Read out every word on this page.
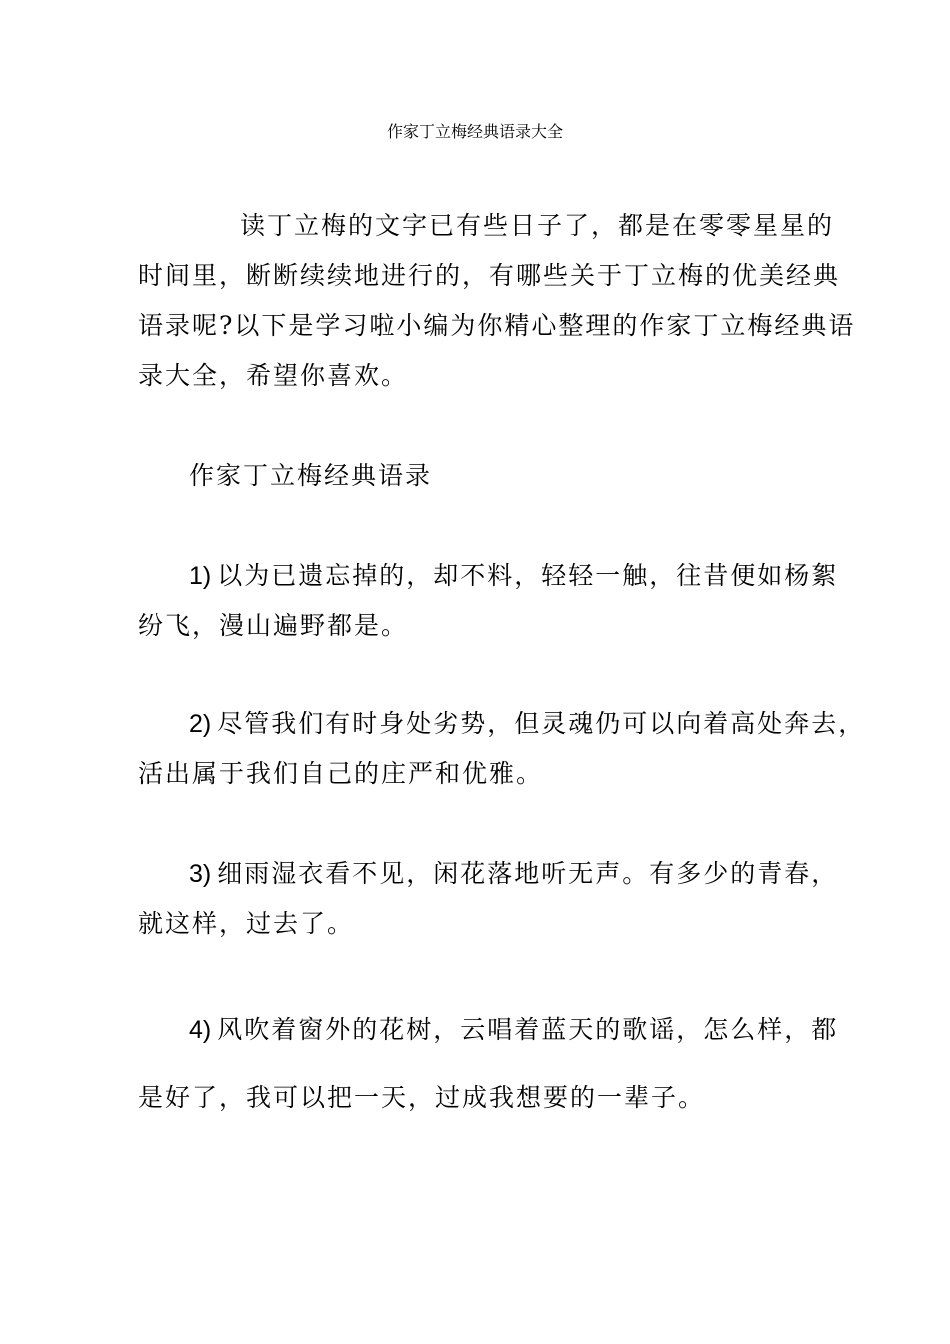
作家丁立梅经典语录大全
读丁立梅的文字已有些日子了，都是在零零星星的
时间里，断断续续地进行的，有哪些关于丁立梅的优美经典
语录呢?以下是学习啦小编为你精心整理的作家丁立梅经典语
录大全，希望你喜欢。
作家丁立梅经典语录
1) 以为已遗忘掉的，却不料，轻轻一触，往昔便如杨絮
纷飞，漫山遍野都是。
2) 尽管我们有时身处劣势，但灵魂仍可以向着高处奔去，
活出属于我们自己的庄严和优雅。
3) 细雨湿衣看不见，闲花落地听无声。有多少的青春，
就这样，过去了。
4) 风吹着窗外的花树，云唱着蓝天的歌谣，怎么样，都
是好了，我可以把一天，过成我想要的一辈子。
